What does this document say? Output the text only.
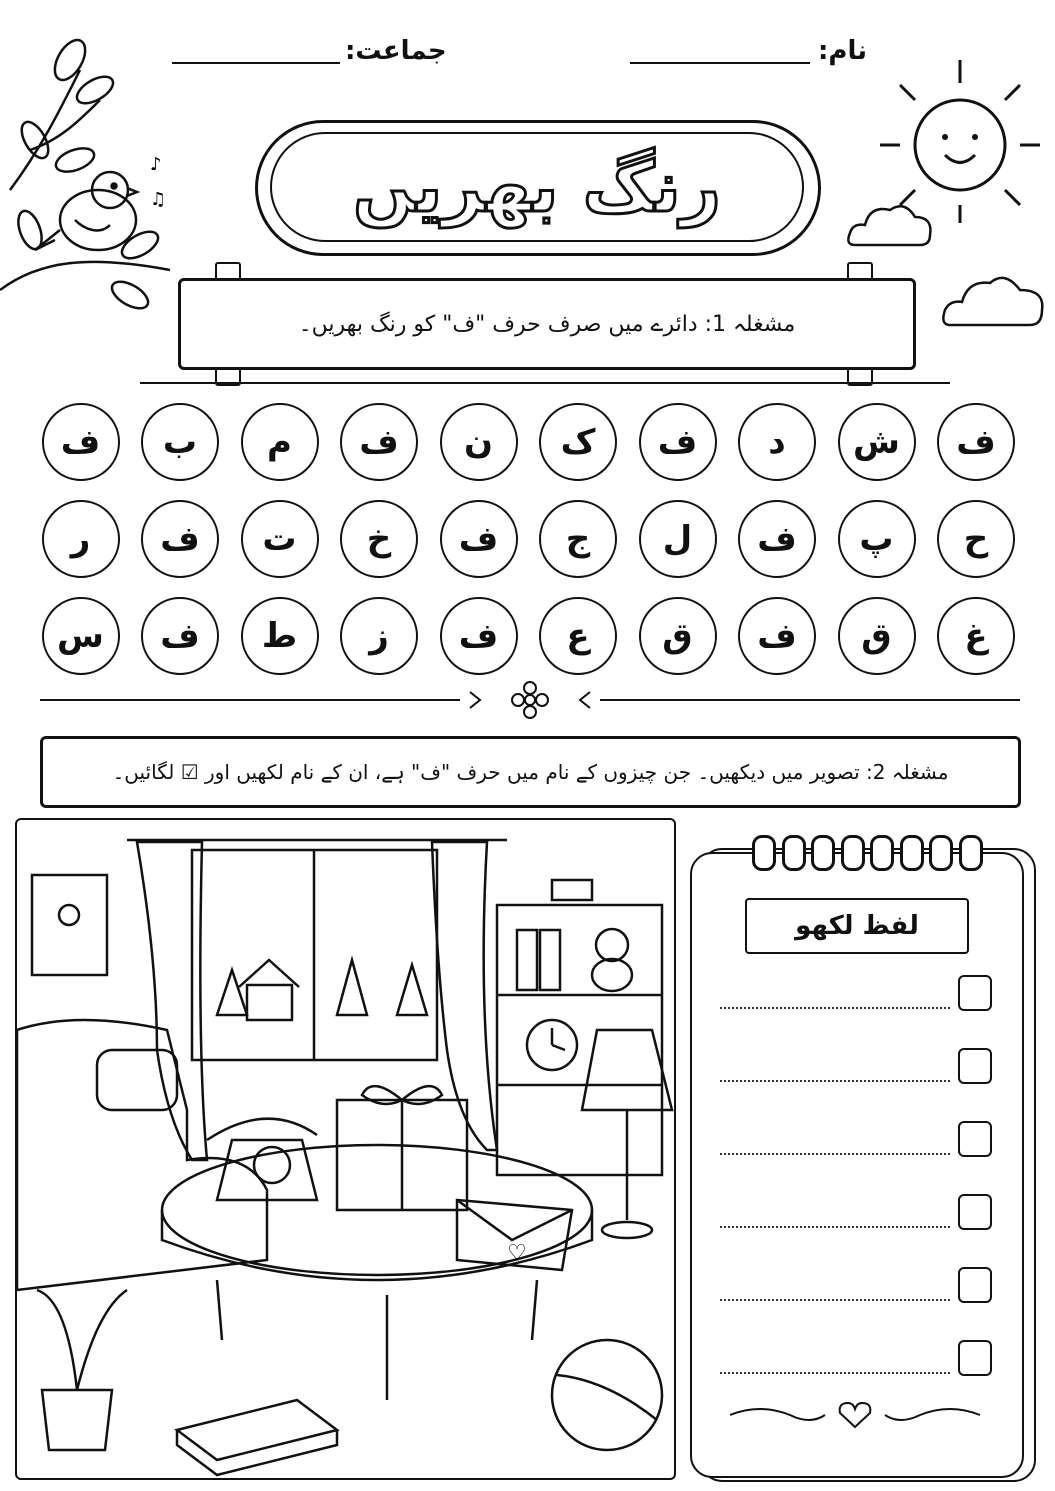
نام:
جماعت:
♪
♫	رنگ بھریں
مشغلہ 1: دائرے میں صرف حرف "ف" کو رنگ بھریں۔
ف
ش
د
ف
ک
ن
ف
م
ب
ف
ح
پ
ف
ل
ج
ف
خ
ت
ف
ر
غ
ق
ف
ق
ع
ف
ز
ط
ف
س
مشغلہ 2: تصویر میں دیکھیں۔ جن چیزوں کے نام میں حرف "ف" ہے، ان کے نام لکھیں اور ☑ لگائیں۔
♡
لفظ لکھو
